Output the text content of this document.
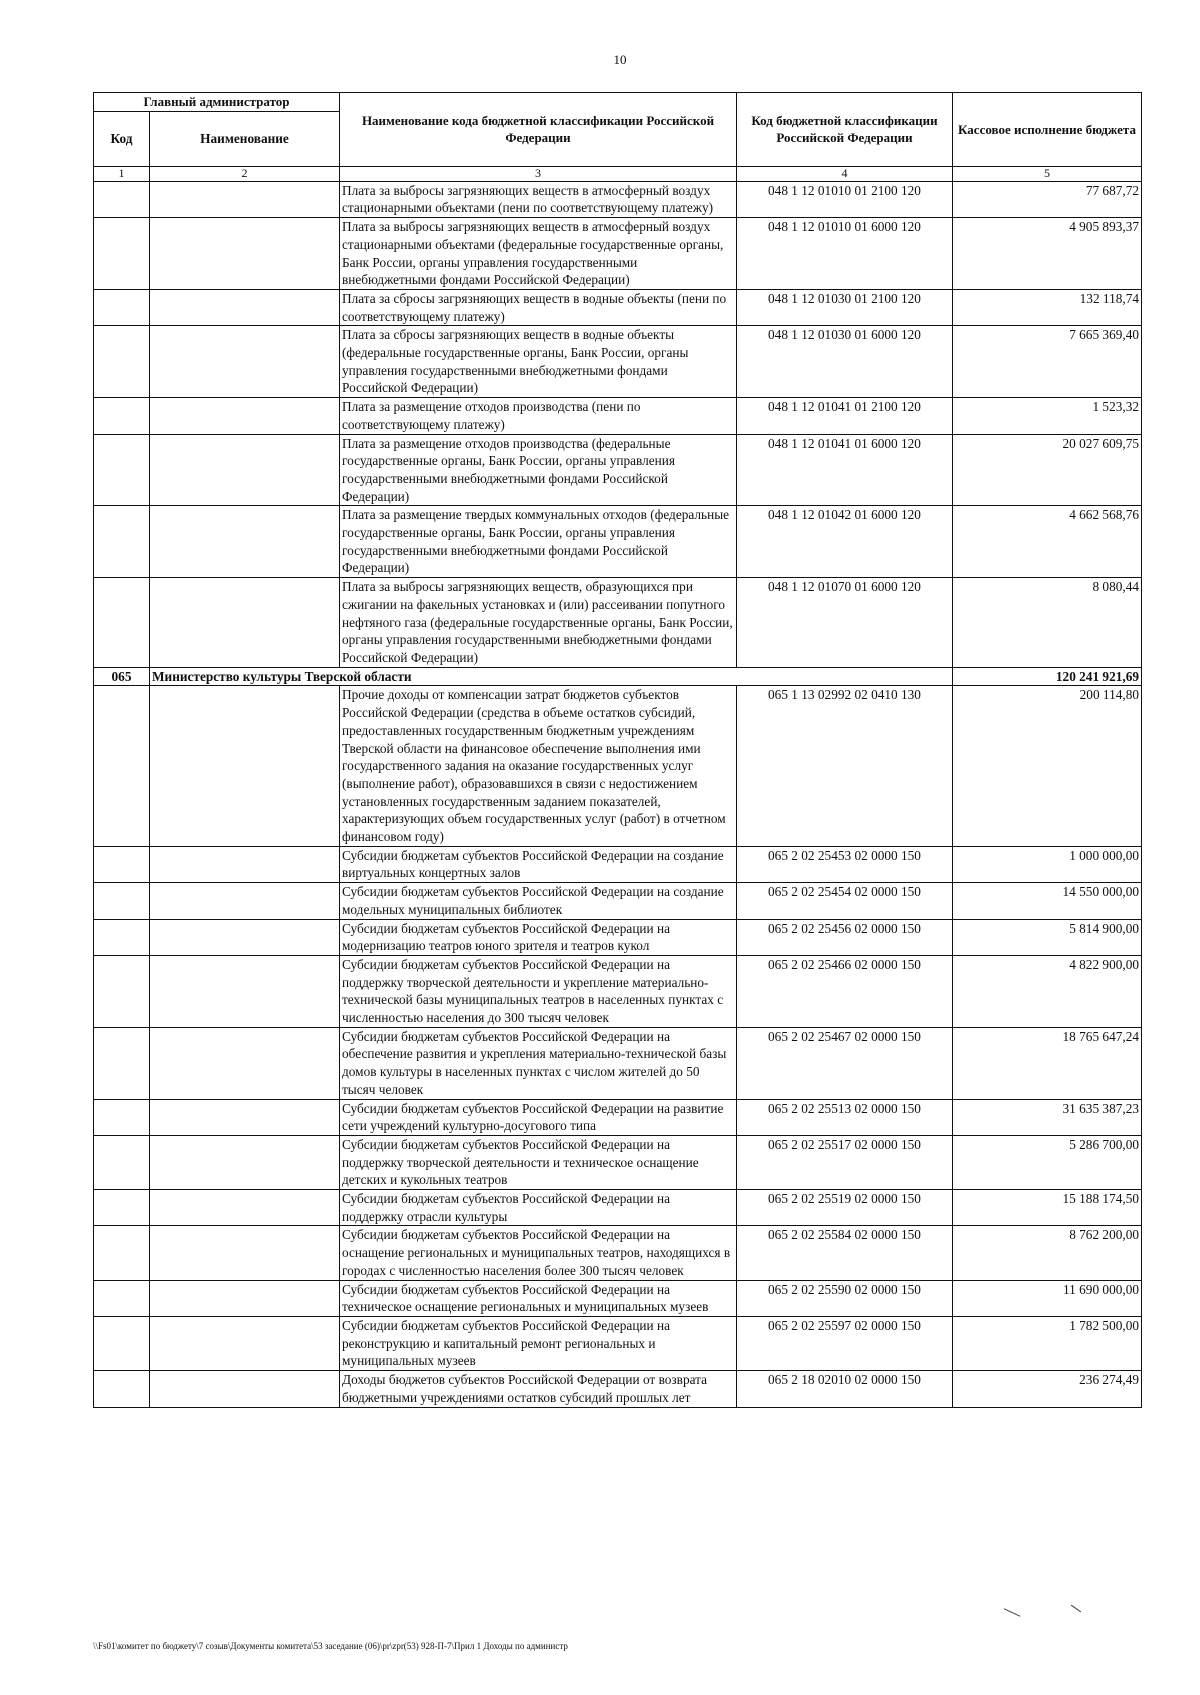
10
Главный администратор		Наименование кода бюджетной классификации Российской Федерации	Код бюджетной классификации Российской Федерации	Кассовое исполнение бюджета
Код	Наименование			
1	2	3	4	5
		Плата за выбросы загрязняющих веществ в атмосферный воздух стационарными объектами (пени по соответствующему платежу)	048 1 12 01010 01 2100 120	77 687,72
		Плата за выбросы загрязняющих веществ в атмосферный воздух стационарными объектами (федеральные государственные органы, Банк России, органы управления государственными внебюджетными фондами Российской Федерации)	048 1 12 01010 01 6000 120	4 905 893,37
		Плата за сбросы загрязняющих веществ в водные объекты (пени по соответствующему платежу)	048 1 12 01030 01 2100 120	132 118,74
		Плата за сбросы загрязняющих веществ в водные объекты (федеральные государственные органы, Банк России, органы управления государственными внебюджетными фондами Российской Федерации)	048 1 12 01030 01 6000 120	7 665 369,40
		Плата за размещение отходов производства (пени по соответствующему платежу)	048 1 12 01041 01 2100 120	1 523,32
		Плата за размещение отходов производства (федеральные государственные органы, Банк России, органы управления государственными внебюджетными фондами Российской Федерации)	048 1 12 01041 01 6000 120	20 027 609,75
		Плата за размещение твердых коммунальных отходов (федеральные государственные органы, Банк России, органы управления государственными внебюджетными фондами Российской Федерации)	048 1 12 01042 01 6000 120	4 662 568,76
		Плата за выбросы загрязняющих веществ, образующихся при сжигании на факельных установках и (или) рассеивании попутного нефтяного газа (федеральные государственные органы, Банк России, органы управления государственными внебюджетными фондами Российской Федерации)	048 1 12 01070 01 6000 120	8 080,44
065	Министерство культуры Тверской области			120 241 921,69
		Прочие доходы от компенсации затрат бюджетов субъектов Российской Федерации (средства в объеме остатков субсидий, предоставленных государственным бюджетным учреждениям Тверской области на финансовое обеспечение выполнения ими государственного задания на оказание государственных услуг (выполнение работ), образовавшихся в связи с недостижением установленных государственным заданием показателей, характеризующих объем государственных услуг (работ) в отчетном финансовом году)	065 1 13 02992 02 0410 130	200 114,80
		Субсидии бюджетам субъектов Российской Федерации на создание виртуальных концертных залов	065 2 02 25453 02 0000 150	1 000 000,00
		Субсидии бюджетам субъектов Российской Федерации на создание модельных муниципальных библиотек	065 2 02 25454 02 0000 150	14 550 000,00
		Субсидии бюджетам субъектов Российской Федерации на модернизацию театров юного зрителя и театров кукол	065 2 02 25456 02 0000 150	5 814 900,00
		Субсидии бюджетам субъектов Российской Федерации на поддержку творческой деятельности и укрепление материально-технической базы муниципальных театров в населенных пунктах с численностью населения до 300 тысяч человек	065 2 02 25466 02 0000 150	4 822 900,00
		Субсидии бюджетам субъектов Российской Федерации на обеспечение развития и укрепления материально-технической базы домов культуры в населенных пунктах с числом жителей до 50 тысяч человек	065 2 02 25467 02 0000 150	18 765 647,24
		Субсидии бюджетам субъектов Российской Федерации на развитие сети учреждений культурно-досугового типа	065 2 02 25513 02 0000 150	31 635 387,23
		Субсидии бюджетам субъектов Российской Федерации на поддержку творческой деятельности и техническое оснащение детских и кукольных театров	065 2 02 25517 02 0000 150	5 286 700,00
		Субсидии бюджетам субъектов Российской Федерации на поддержку отрасли культуры	065 2 02 25519 02 0000 150	15 188 174,50
		Субсидии бюджетам субъектов Российской Федерации на оснащение региональных и муниципальных театров, находящихся в городах с численностью населения более 300 тысяч человек	065 2 02 25584 02 0000 150	8 762 200,00
		Субсидии бюджетам субъектов Российской Федерации на техническое оснащение региональных и муниципальных музеев	065 2 02 25590 02 0000 150	11 690 000,00
		Субсидии бюджетам субъектов Российской Федерации на реконструкцию и капитальный ремонт региональных и муниципальных музеев	065 2 02 25597 02 0000 150	1 782 500,00
		Доходы бюджетов субъектов Российской Федерации от возврата бюджетными учреждениями остатков субсидий прошлых лет	065 2 18 02010 02 0000 150	236 274,49
\\Fs01\комитет по бюджету\7 созыв\Документы комитета\53 заседание (06)\pr\zpr(53) 928-П-7\Прил 1 Доходы по администр
